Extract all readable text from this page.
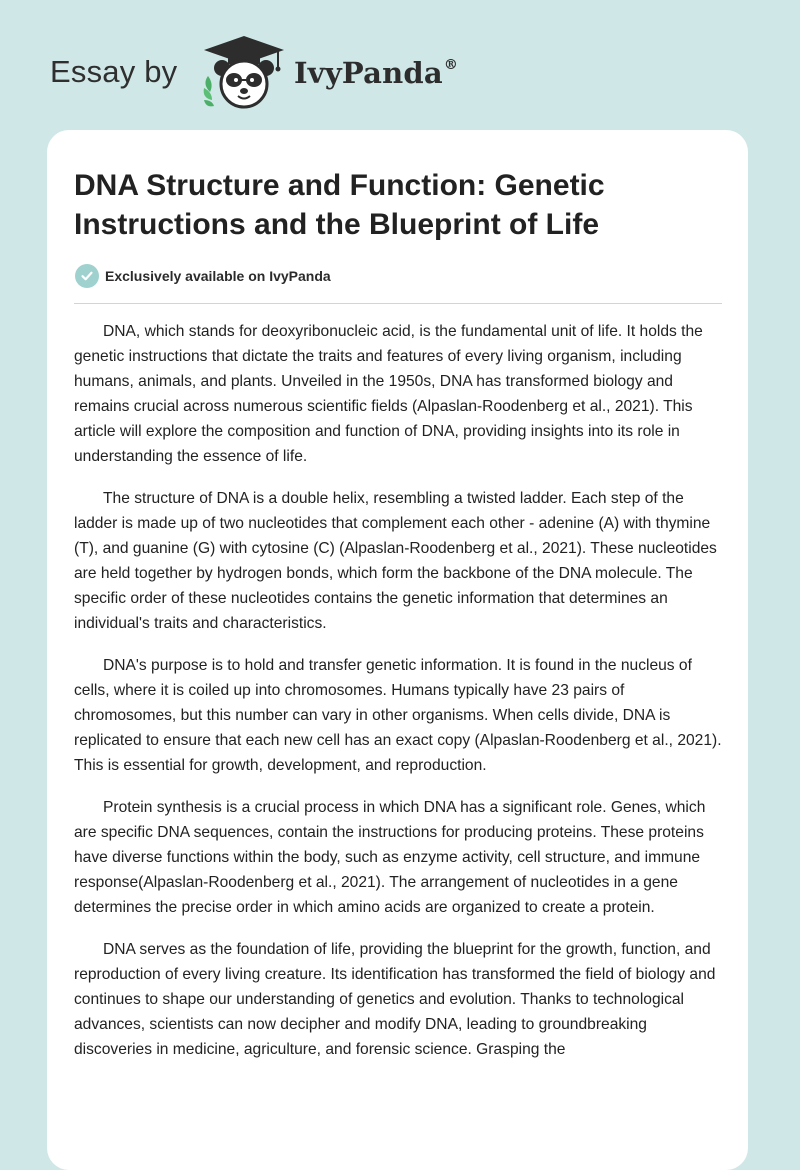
Essay by	IvyPanda®
DNA Structure and Function: Genetic Instructions and the Blueprint of Life
Exclusively available on IvyPanda

DNA, which stands for deoxyribonucleic acid, is the fundamental unit of life. It holds the genetic instructions that dictate the traits and features of every living organism, including humans, animals, and plants. Unveiled in the 1950s, DNA has transformed biology and remains crucial across numerous scientific fields (Alpaslan-Roodenberg et al., 2021). This article will explore the composition and function of DNA, providing insights into its role in understanding the essence of life.

The structure of DNA is a double helix, resembling a twisted ladder. Each step of the ladder is made up of two nucleotides that complement each other - adenine (A) with thymine (T), and guanine (G) with cytosine (C) (Alpaslan-Roodenberg et al., 2021). These nucleotides are held together by hydrogen bonds, which form the backbone of the DNA molecule. The specific order of these nucleotides contains the genetic information that determines an individual's traits and characteristics.

DNA's purpose is to hold and transfer genetic information. It is found in the nucleus of cells, where it is coiled up into chromosomes. Humans typically have 23 pairs of chromosomes, but this number can vary in other organisms. When cells divide, DNA is replicated to ensure that each new cell has an exact copy (Alpaslan-Roodenberg et al., 2021). This is essential for growth, development, and reproduction.

Protein synthesis is a crucial process in which DNA has a significant role. Genes, which are specific DNA sequences, contain the instructions for producing proteins. These proteins have diverse functions within the body, such as enzyme activity, cell structure, and immune response(Alpaslan-Roodenberg et al., 2021). The arrangement of nucleotides in a gene determines the precise order in which amino acids are organized to create a protein.

DNA serves as the foundation of life, providing the blueprint for the growth, function, and reproduction of every living creature. Its identification has transformed the field of biology and continues to shape our understanding of genetics and evolution. Thanks to technological advances, scientists can now decipher and modify DNA, leading to groundbreaking discoveries in medicine, agriculture, and forensic science. Grasping the
